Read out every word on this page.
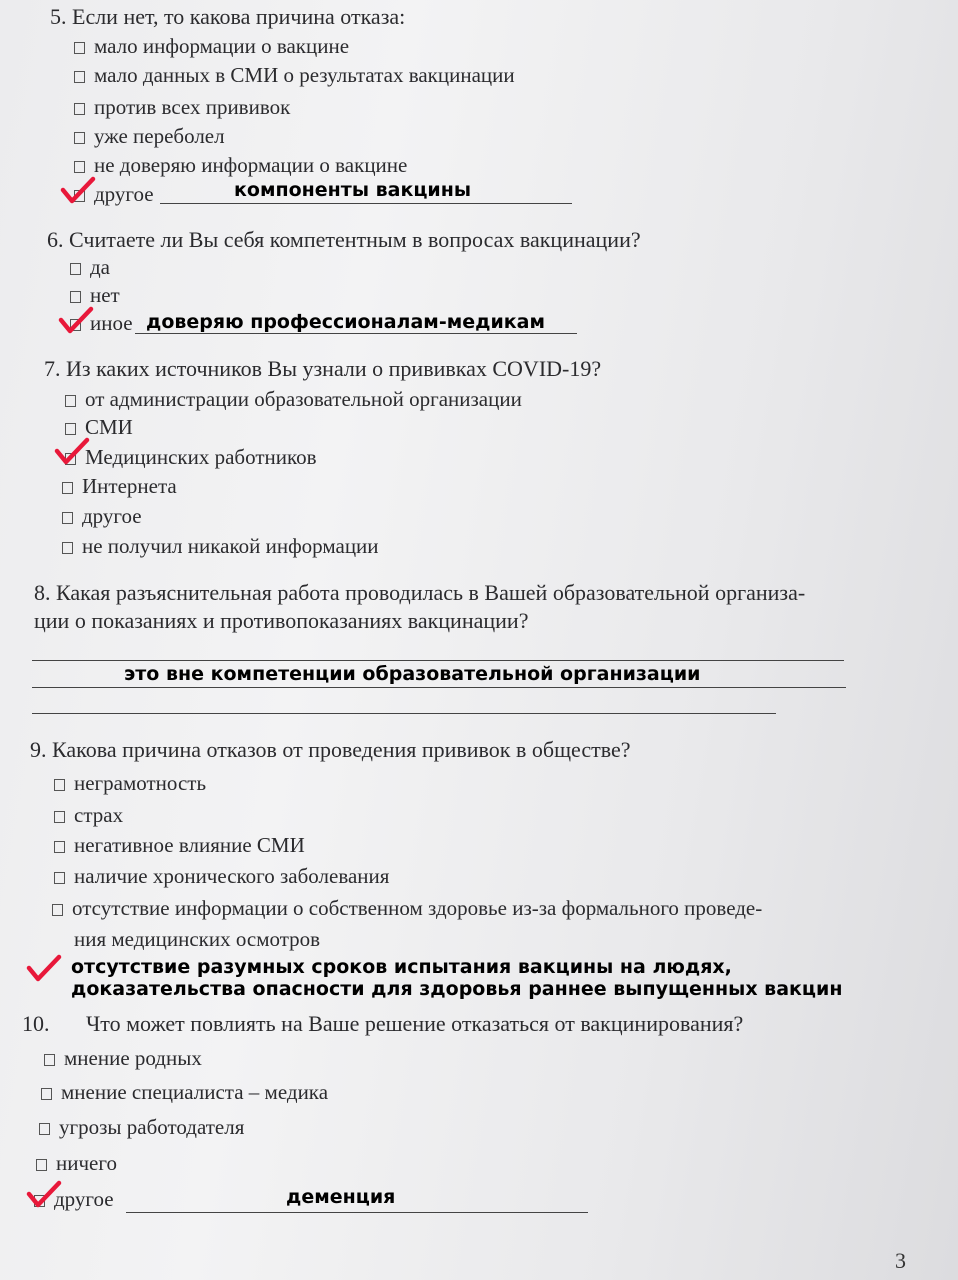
5. Если нет, то какова причина отказа:
мало информации о вакцине
мало данных в СМИ о результатах вакцинации
против всех прививок
уже переболел
не доверяю информации о вакцине
другое	компоненты вакцины
6. Считаете ли Вы себя компетентным в вопросах вакцинации?
да
нет
иное доверяю профессионалам-медикам
7. Из каких источников Вы узнали о прививках COVID-19?
от администрации образовательной организации
СМИ
Медицинских работников
Интернета
другое
не получил никакой информации
8. Какая разъяснительная работа проводилась в Вашей образовательной организа-
ции о показаниях и противопоказаниях вакцинации?
это вне компетенции образовательной организации
9. Какова причина отказов от проведения прививок в обществе?
неграмотность
страх
негативное влияние СМИ
наличие хронического заболевания
отсутствие информации о собственном здоровье из-за формального проведе-
ния медицинских осмотров
отсутствие разумных сроков испытания вакцины на людях,
доказательства опасности для здоровья раннее выпущенных вакцин
10. Что может повлиять на Ваше решение отказаться от вакцинирования?
мнение родных
мнение специалиста – медика
угрозы работодателя
ничего
другое	деменция
3
